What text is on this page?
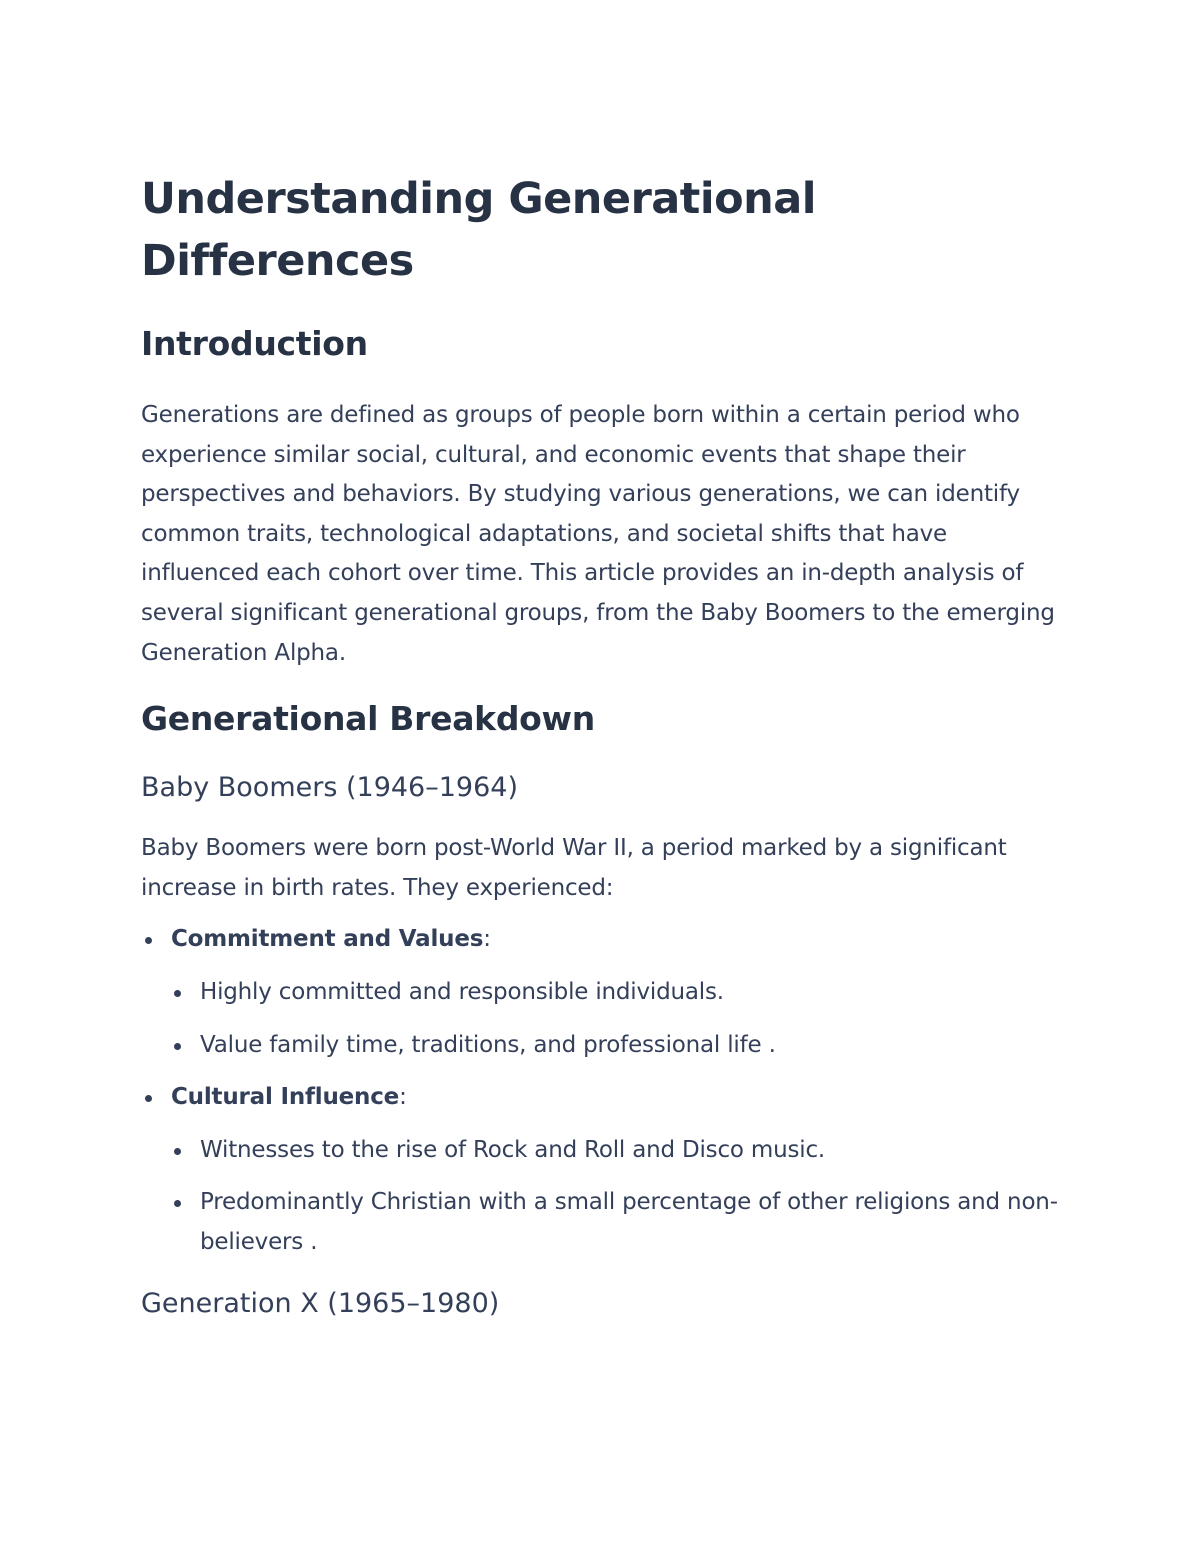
Understanding Generational
Differences
Introduction

Generations are defined as groups of people born within a certain period who experience similar social, cultural, and economic events that shape their perspectives and behaviors. By studying various generations, we can identify common traits, technological adaptations, and societal shifts that have influenced each cohort over time. This article provides an in-depth analysis of several significant generational groups, from the Baby Boomers to the emerging Generation Alpha.

Generational Breakdown
Baby Boomers (1946–1964)

Baby Boomers were born post-World War II, a period marked by a significant increase in birth rates. They experienced:

Commitment and Values:
Highly committed and responsible individuals.
Value family time, traditions, and professional life .
Cultural Influence:
Witnesses to the rise of Rock and Roll and Disco music.
Predominantly Christian with a small percentage of other religions and non-believers .
Generation X (1965–1980)
